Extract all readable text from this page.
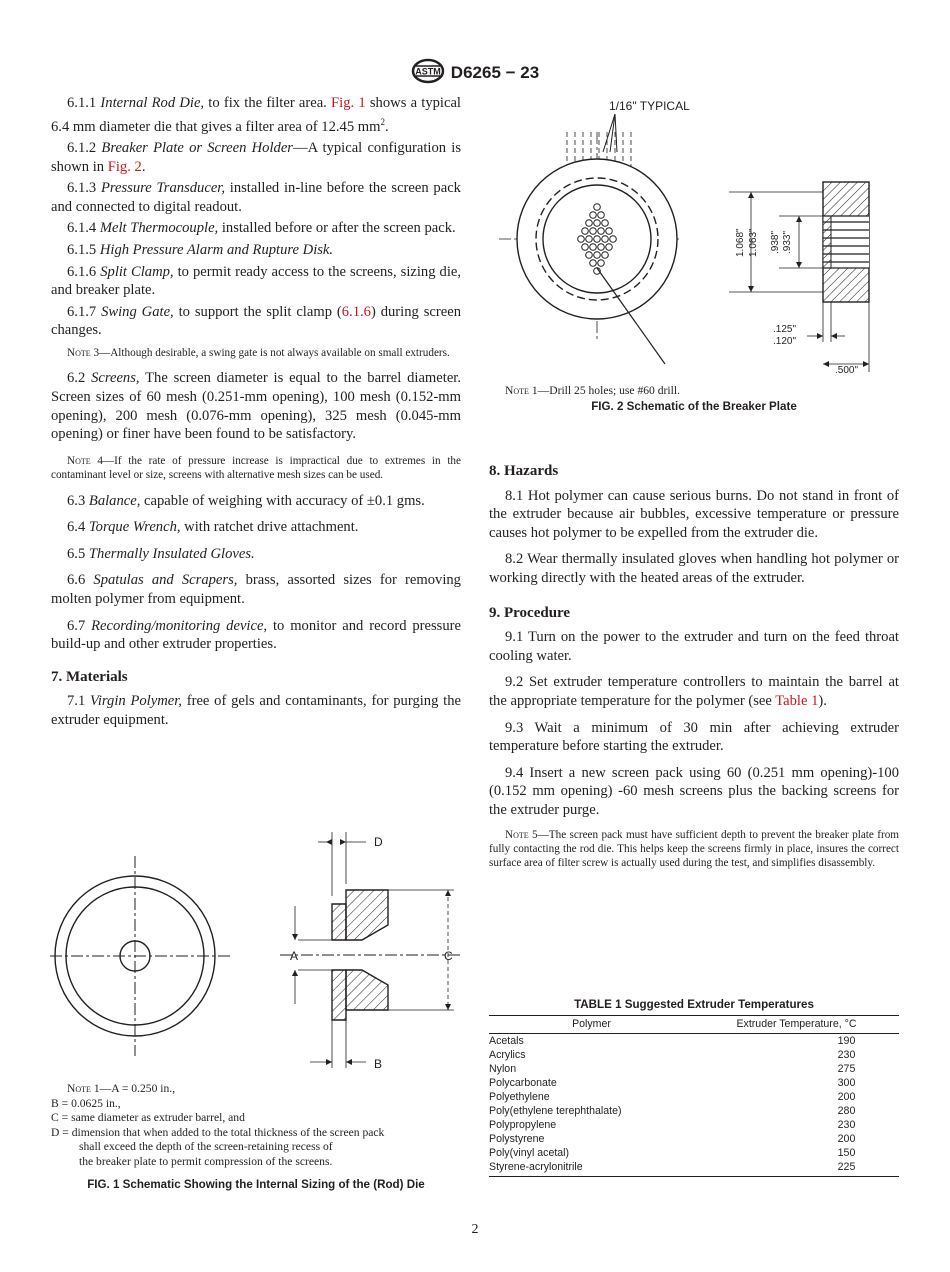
ASTM D6265 − 23

6.1.1 Internal Rod Die, to fix the filter area. Fig. 1 shows a typical 6.4 mm diameter die that gives a filter area of 12.45 $mm^2$.

6.1.2 Breaker Plate or Screen Holder—A typical configuration is shown in Fig. 2.

6.1.3 Pressure Transducer, installed in-line before the screen pack and connected to digital readout.

6.1.4 Melt Thermocouple, installed before or after the screen pack.

6.1.5 High Pressure Alarm and Rupture Disk.

6.1.6 Split Clamp, to permit ready access to the screens, sizing die, and breaker plate.

6.1.7 Swing Gate, to support the split clamp (6.1.6) during screen changes.

Note 3—Although desirable, a swing gate is not always available on small extruders.

6.2 Screens, The screen diameter is equal to the barrel diameter. Screen sizes of 60 mesh (0.251-mm opening), 100 mesh (0.152-mm opening), 200 mesh (0.076-mm opening), 325 mesh (0.045-mm opening) or finer have been found to be satisfactory.

Note 4—If the rate of pressure increase is impractical due to extremes in the contaminant level or size, screens with alternative mesh sizes can be used.

6.3 Balance, capable of weighing with accuracy of ±0.1 gms.

6.4 Torque Wrench, with ratchet drive attachment.

6.5 Thermally Insulated Gloves.

6.6 Spatulas and Scrapers, brass, assorted sizes for removing molten polymer from equipment.

6.7 Recording/monitoring device, to monitor and record pressure build-up and other extruder properties.

7. Materials

7.1 Virgin Polymer, free of gels and contaminants, for purging the extruder equipment.

D
A	C
B
Note 1—A = 0.250 in.,
B = 0.0625 in.,
C = same diameter as extruder barrel, and
D = dimension that when added to the total thickness of the screen pack
shall exceed the depth of the screen-retaining recess of
the breaker plate to permit compression of the screens.
FIG. 1 Schematic Showing the Internal Sizing of the (Rod) Die
1/16" TYPICAL
1.068" 1.063" .938" .933"
.125"
.120"
.500"
Note 1—Drill 25 holes; use #60 drill.
FIG. 2 Schematic of the Breaker Plate
8. Hazards

8.1 Hot polymer can cause serious burns. Do not stand in front of the extruder because air bubbles, excessive temperature or pressure causes hot polymer to be expelled from the extruder die.

8.2 Wear thermally insulated gloves when handling hot polymer or working directly with the heated areas of the extruder.

9. Procedure

9.1 Turn on the power to the extruder and turn on the feed throat cooling water.

9.2 Set extruder temperature controllers to maintain the barrel at the appropriate temperature for the polymer (see Table 1).

9.3 Wait a minimum of 30 min after achieving extruder temperature before starting the extruder.

9.4 Insert a new screen pack using 60 (0.251 mm opening)-100 (0.152 mm opening) -60 mesh screens plus the backing screens for the extruder purge.

Note 5—The screen pack must have sufficient depth to prevent the breaker plate from fully contacting the rod die. This helps keep the screens firmly in place, insures the correct surface area of filter screw is actually used during the test, and simplifies disassembly.

TABLE 1 Suggested Extruder Temperatures
Polymer	Extruder Temperature, °C
Acetals	190
Acrylics	230
Nylon	275
Polycarbonate	300
Polyethylene	200
Poly(ethylene terephthalate)	280
Polypropylene	230
Polystyrene	200
Poly(vinyl acetal)	150
Styrene-acrylonitrile	225
2
